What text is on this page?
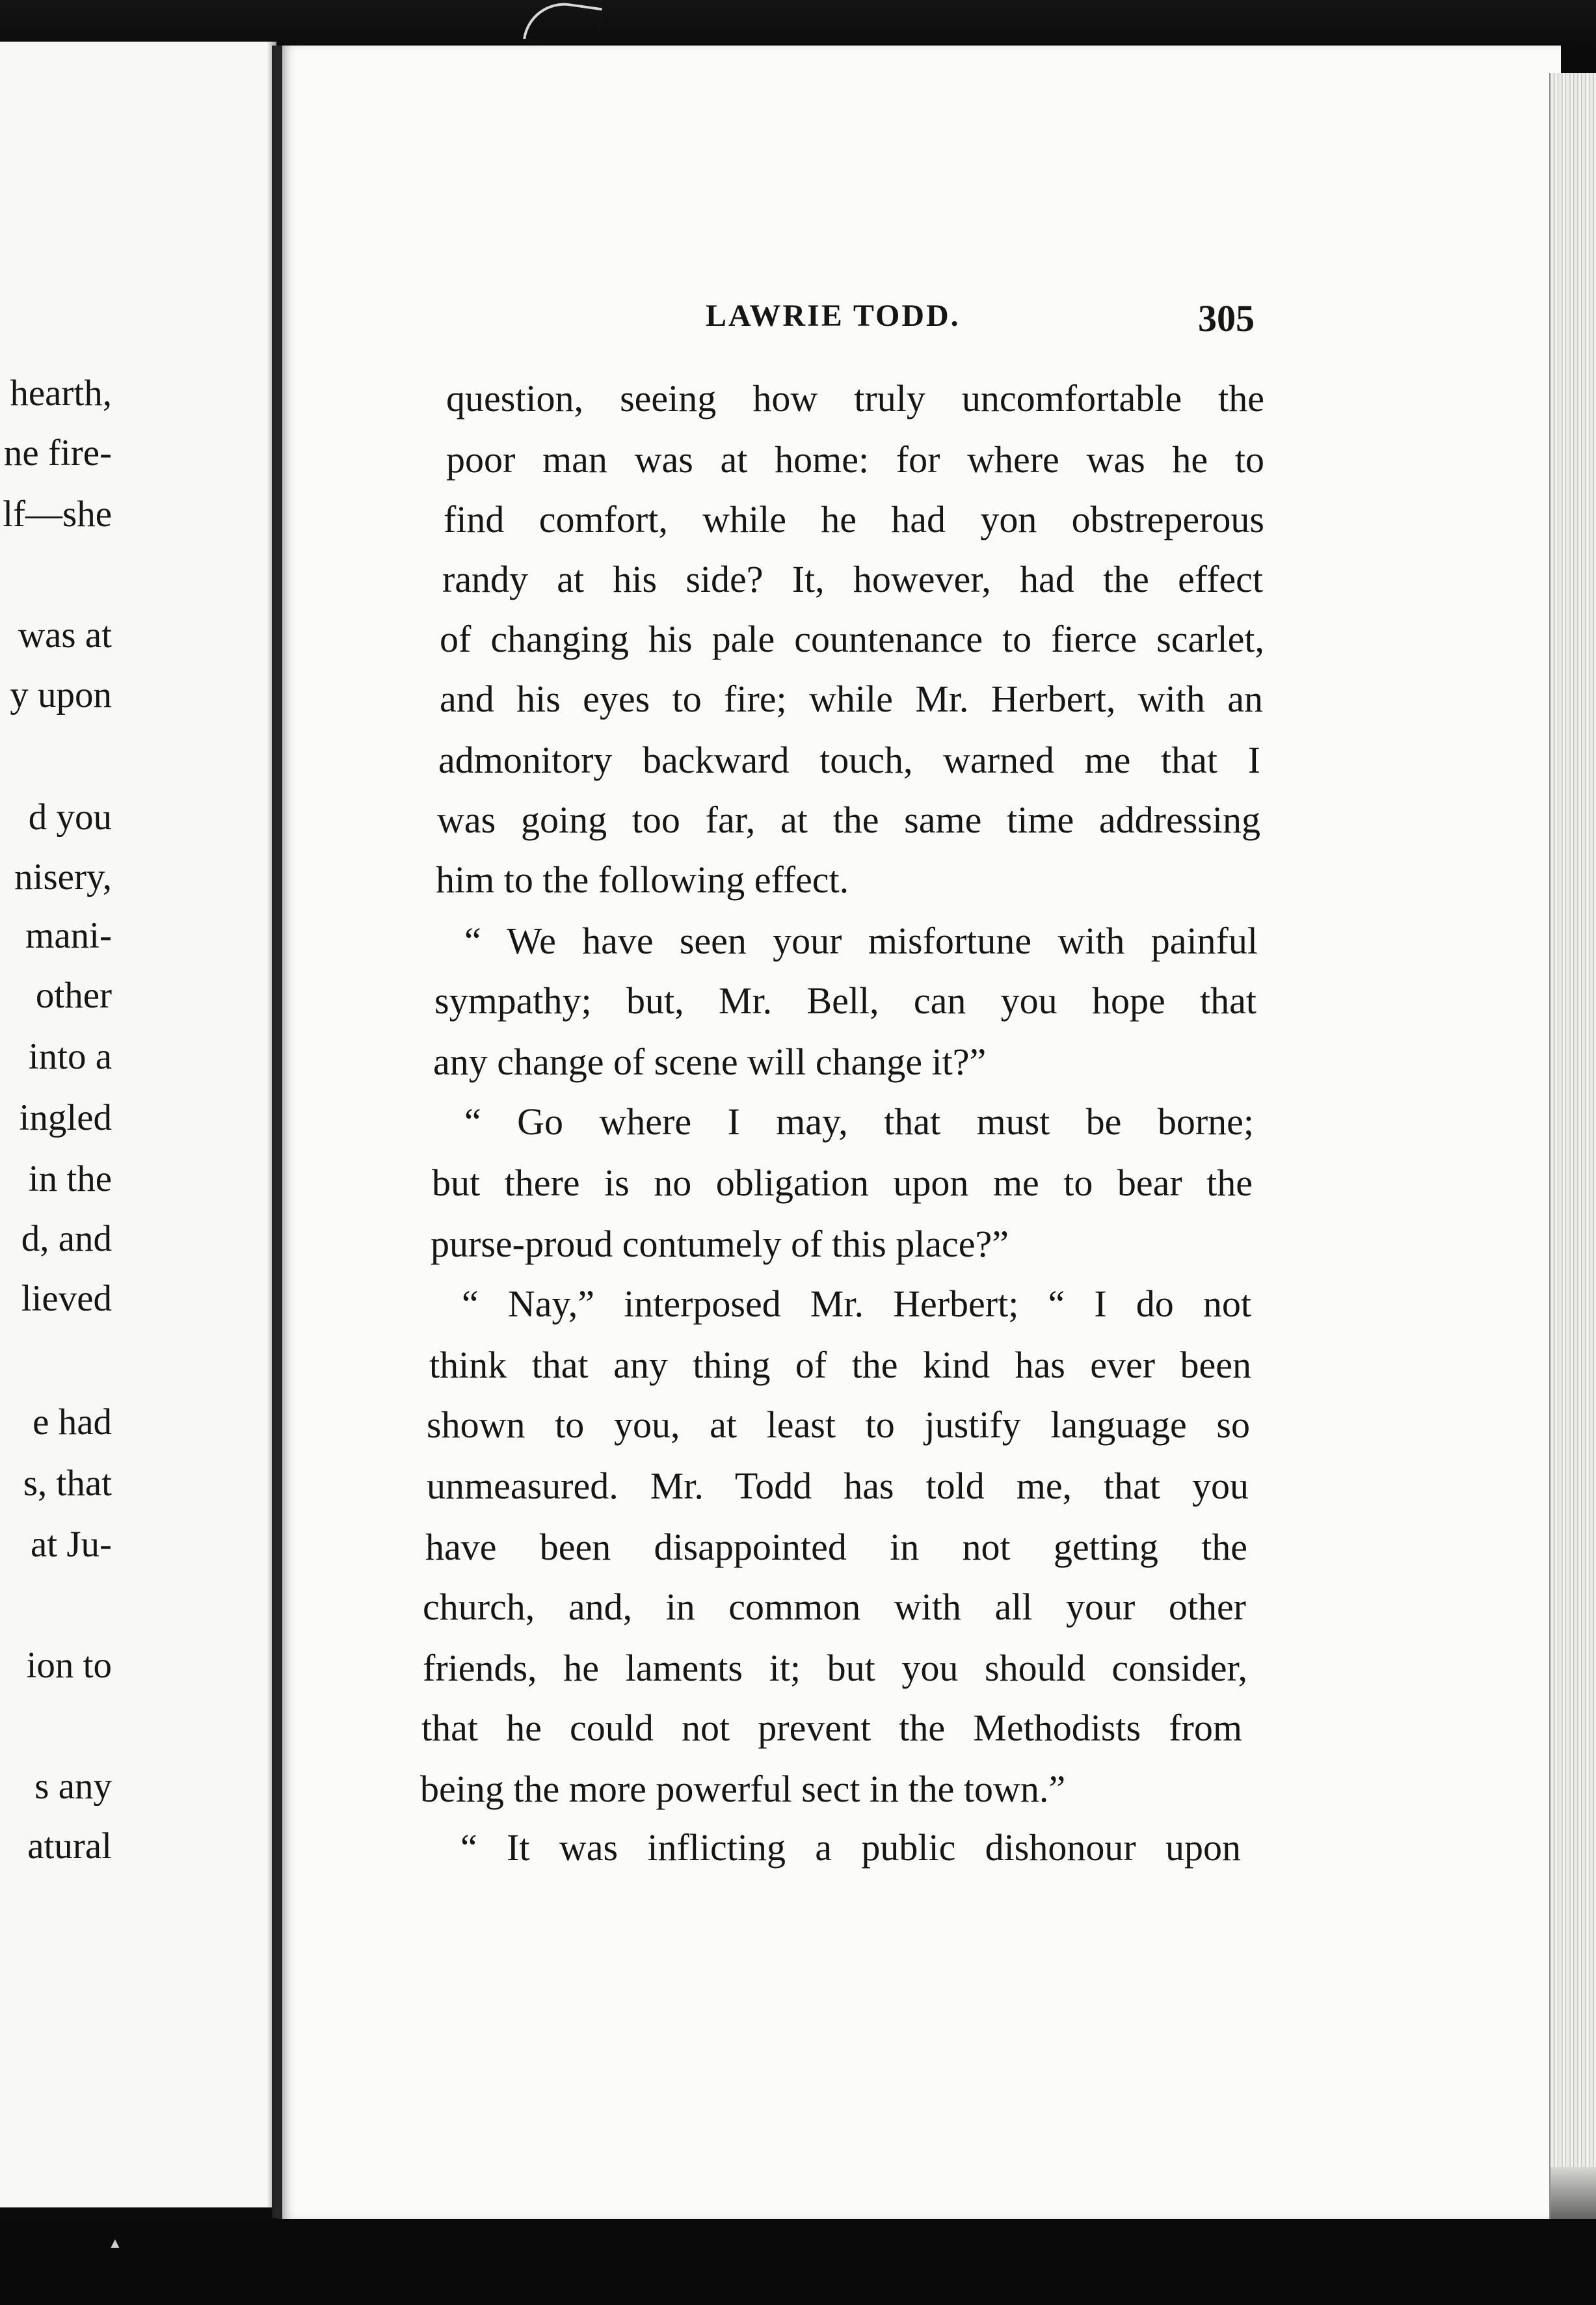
hearth,
ne fire-
lf—she
was at
y upon
d you
nisery,
mani-
other
into a
ingled
in the
d, and
lieved
e had
s, that
at Ju-
ion to
s any
atural
LAWRIE TODD.	305
question, seeing how truly uncomfortable the
poor man was at home: for where was he to
find comfort, while he had yon obstreperous
randy at his side? It, however, had the effect
of changing his pale countenance to fierce scarlet,
and his eyes to fire; while Mr. Herbert, with an
admonitory backward touch, warned me that I
was going too far, at the same time addressing
him to the following effect.
“ We have seen your misfortune with painful
sympathy; but, Mr. Bell, can you hope that
any change of scene will change it?”
“ Go where I may, that must be borne;
but there is no obligation upon me to bear the
purse-proud contumely of this place?”
“ Nay,” interposed Mr. Herbert; “ I do not
think that any thing of the kind has ever been
shown to you, at least to justify language so
unmeasured. Mr. Todd has told me, that you
have been disappointed in not getting the
church, and, in common with all your other
friends, he laments it; but you should consider,
that he could not prevent the Methodists from
being the more powerful sect in the town.”
“ It was inflicting a public dishonour upon
▲
